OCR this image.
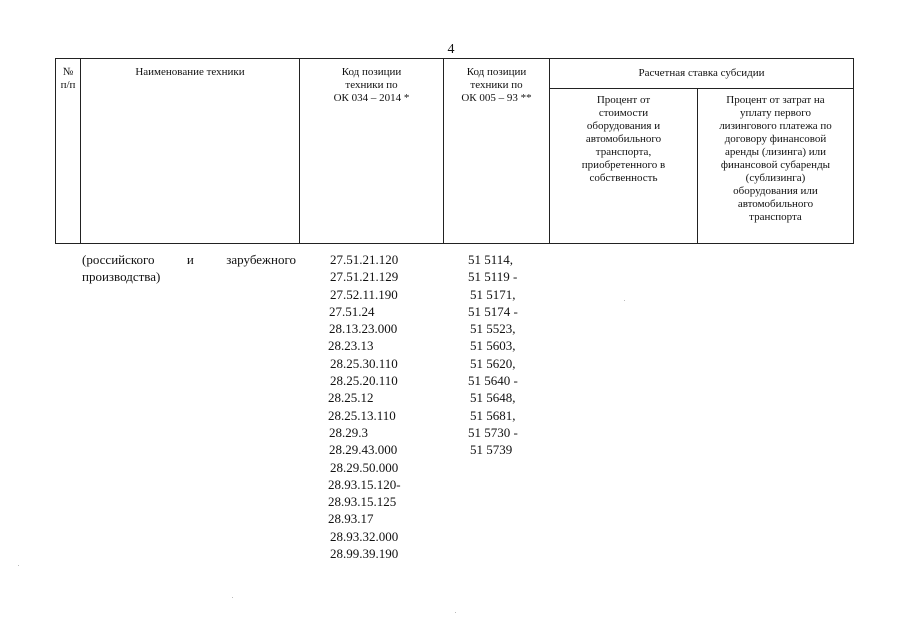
4
№
п/п
Наименование техники	Код позиции
техники по
ОК 034 – 2014 *
Код позиции
техники по
ОК 005 – 93 **
Расчетная ставка субсидии
Процент от
стоимости
оборудования и
автомобильного
транспорта,
приобретенного в
собственность
Процент от затрат на
уплату первого
лизингового платежа по
договору финансовой
аренды (лизинга) или
финансовой субаренды
(сублизинга)
оборудования или
автомобильного
транспорта
(российского и зарубежного
производства)
27.51.21.120
27.51.21.129
27.52.11.190
27.51.24
28.13.23.000
28.23.13
28.25.30.110
28.25.20.110
28.25.12
28.25.13.110
28.29.3
28.29.43.000
28.29.50.000
28.93.15.120-
28.93.15.125
28.93.17
28.93.32.000
28.99.39.190
51 5114,
51 5119 -
51 5171,
51 5174 -
51 5523,
51 5603,
51 5620,
51 5640 -
51 5648,
51 5681,
51 5730 -
51 5739
